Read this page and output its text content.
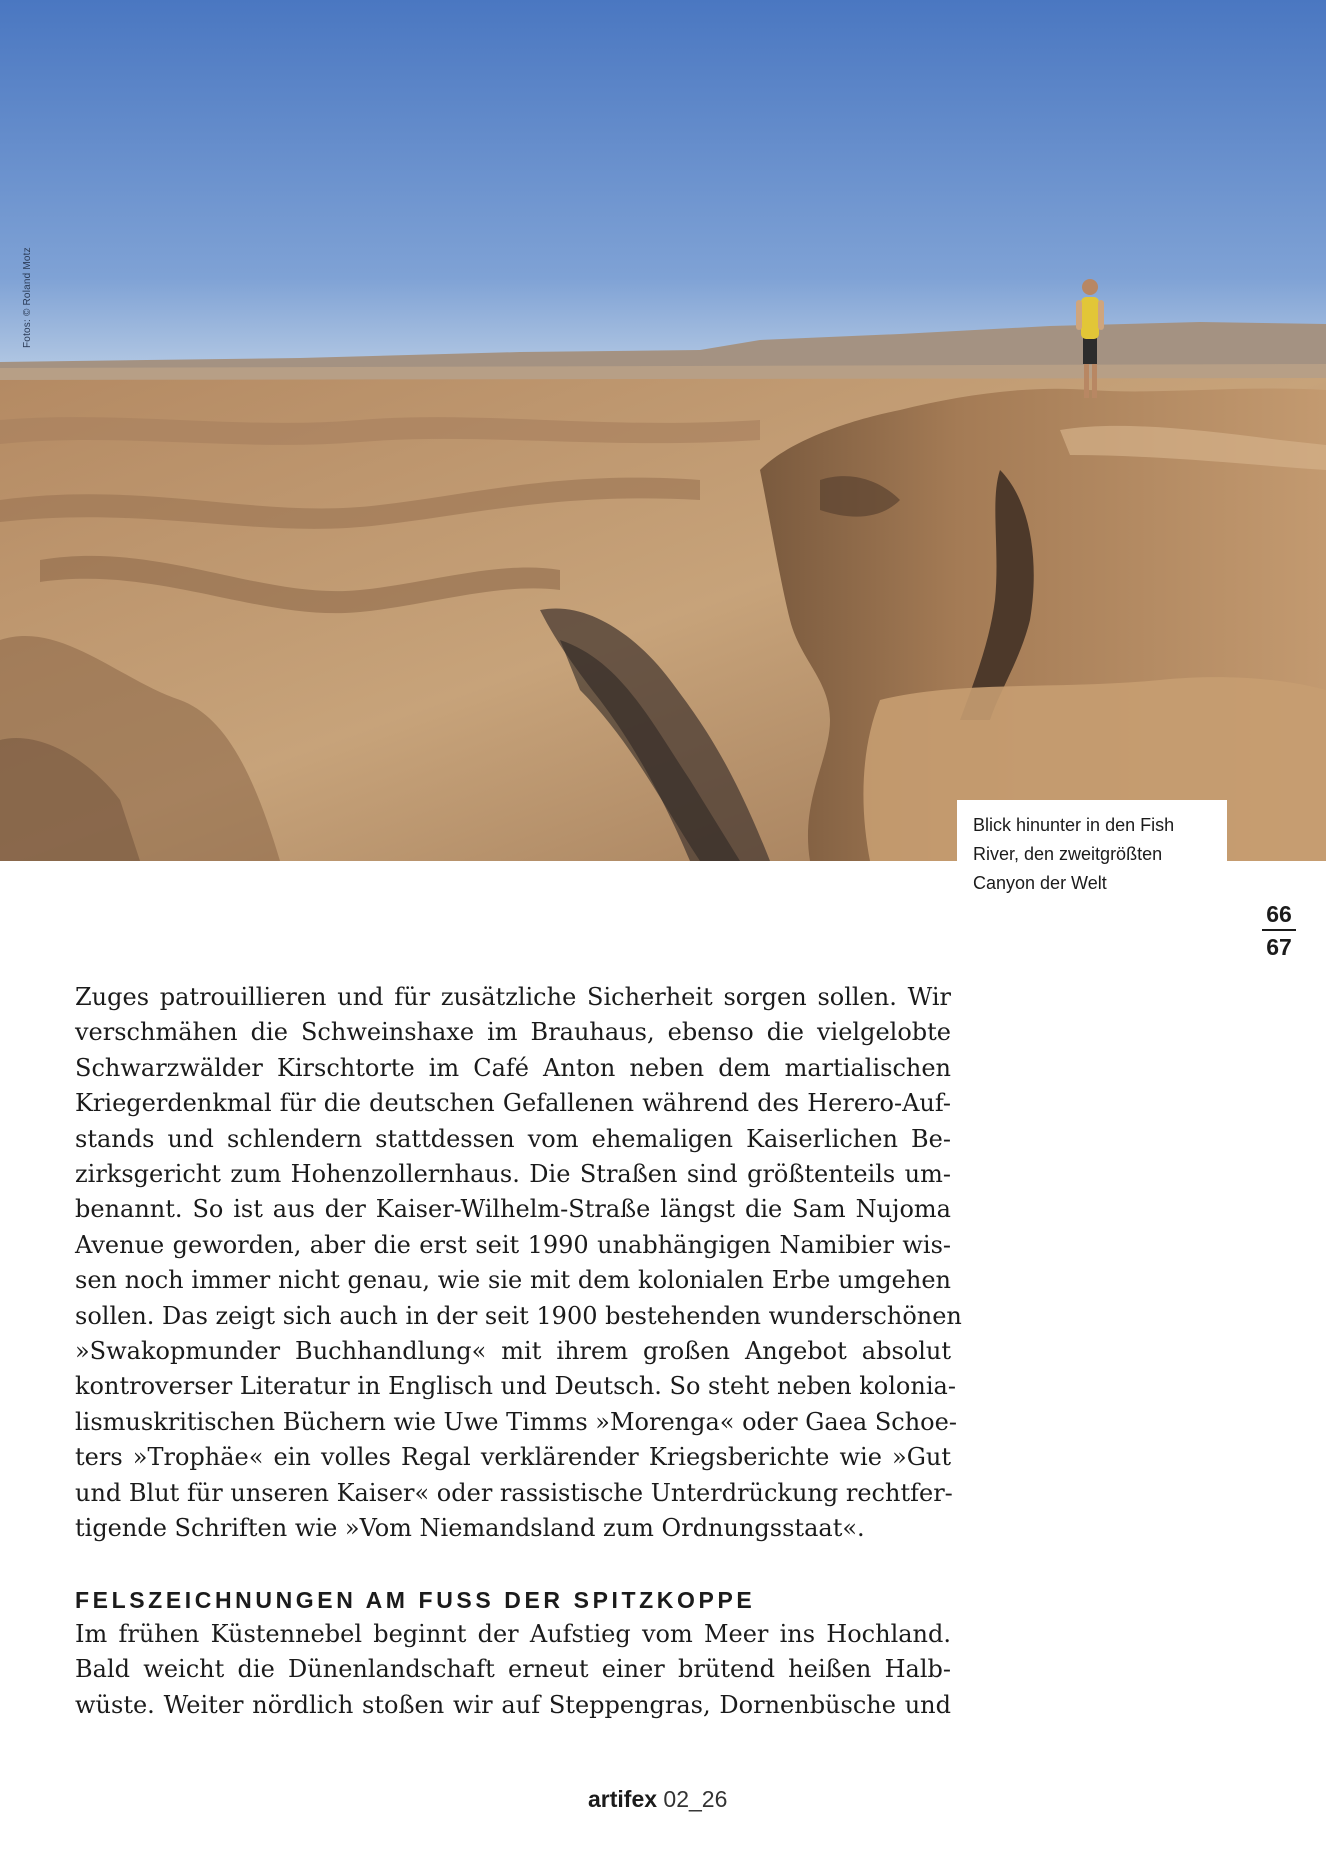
Fotos: © Roland Motz
Blick hinunter in den Fish
River, den zweitgrößten
Canyon der Welt
66
67
Zuges patrouillieren und für zusätzliche Sicherheit sorgen sollen. Wir
verschmähen die Schweinshaxe im Brauhaus, ebenso die vielgelobte
Schwarzwälder Kirschtorte im Café Anton neben dem martialischen
Kriegerdenkmal für die deutschen Gefallenen während des Herero-Auf-
stands und schlendern stattdessen vom ehemaligen Kaiserlichen Be-
zirksgericht zum Hohenzollernhaus. Die Straßen sind größtenteils um-
benannt. So ist aus der Kaiser-Wilhelm-Straße längst die Sam Nujoma
Avenue geworden, aber die erst seit 1990 unabhängigen Namibier wis-
sen noch immer nicht genau, wie sie mit dem kolonialen Erbe umgehen
sollen. Das zeigt sich auch in der seit 1900 bestehenden wunderschönen
»Swakopmunder Buchhandlung« mit ihrem großen Angebot absolut
kontroverser Literatur in Englisch und Deutsch. So steht neben kolonia-
lismuskritischen Büchern wie Uwe Timms »Morenga« oder Gaea Schoe-
ters »Trophäe« ein volles Regal verklärender Kriegsberichte wie »Gut
und Blut für unseren Kaiser« oder rassistische Unterdrückung rechtfer-
tigende Schriften wie »Vom Niemandsland zum Ordnungsstaat«.
FELSZEICHNUNGEN AM FUSS DER SPITZKOPPE
Im frühen Küstennebel beginnt der Aufstieg vom Meer ins Hochland.
Bald weicht die Dünenlandschaft erneut einer brütend heißen Halb-
wüste. Weiter nördlich stoßen wir auf Steppengras, Dornenbüsche und
artifex 02_26
